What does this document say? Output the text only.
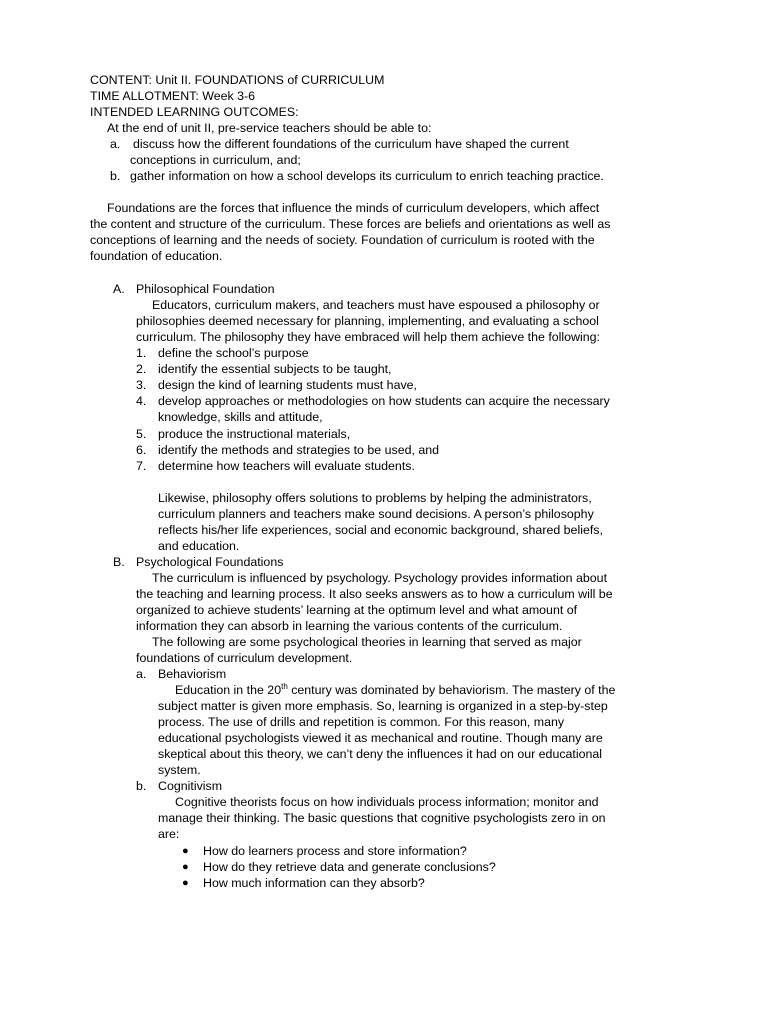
CONTENT: Unit II. FOUNDATIONS of CURRICULUM
TIME ALLOTMENT: Week 3-6
INTENDED LEARNING OUTCOMES:
At the end of unit II, pre-service teachers should be able to:
a. discuss how the different foundations of the curriculum have shaped the current
conceptions in curriculum, and;
b. gather information on how a school develops its curriculum to enrich teaching practice.
Foundations are the forces that influence the minds of curriculum developers, which affect
the content and structure of the curriculum. These forces are beliefs and orientations as well as
conceptions of learning and the needs of society. Foundation of curriculum is rooted with the
foundation of education.
A. Philosophical Foundation
Educators, curriculum makers, and teachers must have espoused a philosophy or
philosophies deemed necessary for planning, implementing, and evaluating a school
curriculum. The philosophy they have embraced will help them achieve the following:
1. define the school’s purpose
2. identify the essential subjects to be taught,
3. design the kind of learning students must have,
4. develop approaches or methodologies on how students can acquire the necessary
knowledge, skills and attitude,
5. produce the instructional materials,
6. identify the methods and strategies to be used, and
7. determine how teachers will evaluate students.
Likewise, philosophy offers solutions to problems by helping the administrators,
curriculum planners and teachers make sound decisions. A person’s philosophy
reflects his/her life experiences, social and economic background, shared beliefs,
and education.
B. Psychological Foundations
The curriculum is influenced by psychology. Psychology provides information about
the teaching and learning process. It also seeks answers as to how a curriculum will be
organized to achieve students’ learning at the optimum level and what amount of
information they can absorb in learning the various contents of the curriculum.
The following are some psychological theories in learning that served as major
foundations of curriculum development.
a. Behaviorism
Education in the 20th century was dominated by behaviorism. The mastery of the
subject matter is given more emphasis. So, learning is organized in a step-by-step
process. The use of drills and repetition is common. For this reason, many
educational psychologists viewed it as mechanical and routine. Though many are
skeptical about this theory, we can’t deny the influences it had on our educational
system.
b. Cognitivism
Cognitive theorists focus on how individuals process information; monitor and
manage their thinking. The basic questions that cognitive psychologists zero in on
are:
● How do learners process and store information?
● How do they retrieve data and generate conclusions?
● How much information can they absorb?
